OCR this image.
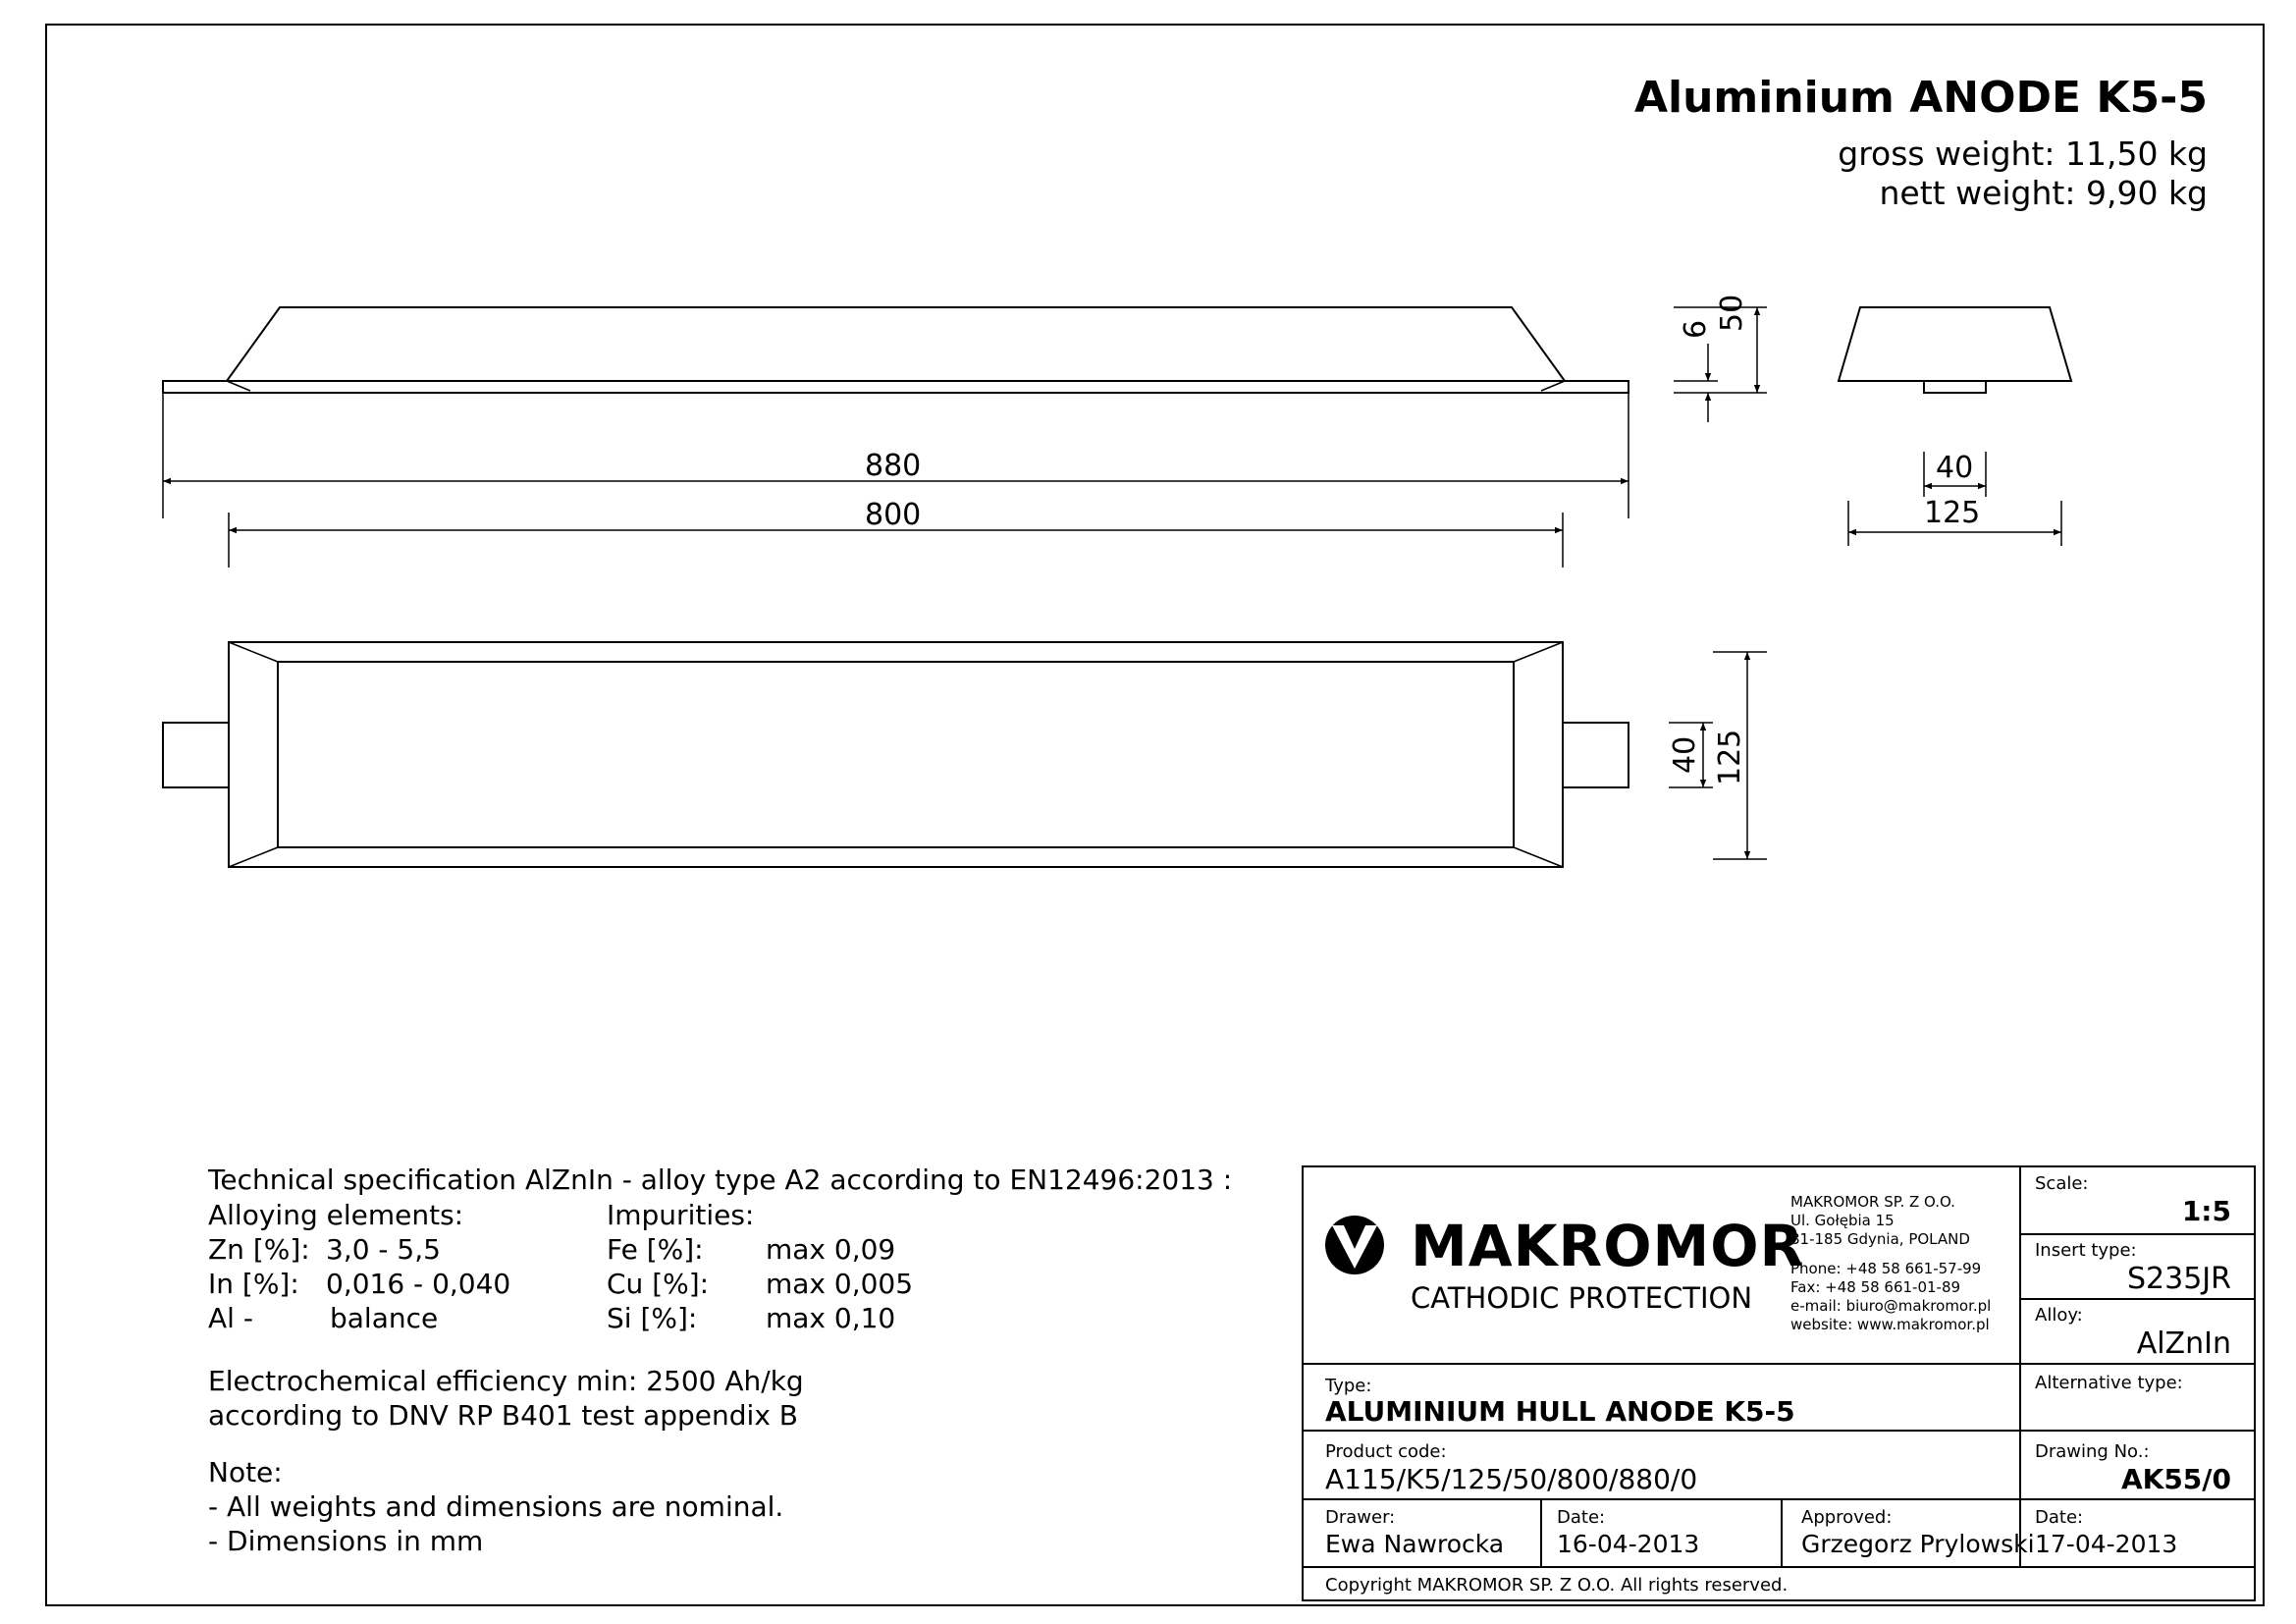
Aluminium ANODE K5-5
gross weight: 11,50 kg
nett weight: 9,90 kg
880
800
50
6
40
125
125
40
Technical specification AlZnIn - alloy type A2 according to EN12496:2013 :
Alloying elements:	Impurities:
Zn [%]: 3,0 - 5,5
In [%]: 0,016 - 0,040
Al -	balance
Fe [%]: max 0,09
Cu [%]: max 0,005
Si [%]: max 0,10
Electrochemical efficiency min: 2500 Ah/kg
according to DNV RP B401 test appendix B
Note:
- All weights and dimensions are nominal.
- Dimensions in mm
MAKROMOR
CATHODIC PROTECTION
MAKROMOR SP. Z O.O.
Ul. Gołębia 15
81-185 Gdynia, POLAND
Phone: +48 58 661-57-99
Fax: +48 58 661-01-89
e-mail: biuro@makromor.pl
website: www.makromor.pl
Scale:
1:5
Insert type:
S235JR
Alloy:
AlZnIn
Alternative type:
Type:
ALUMINIUM HULL ANODE K5-5
Product code:
A115/K5/125/50/800/880/0
Drawing No.:
AK55/0
Drawer:
Ewa Nawrocka
Date:
16-04-2013
Approved:
Grzegorz Prylowski
Date:
17-04-2013
Copyright MAKROMOR SP. Z O.O. All rights reserved.
